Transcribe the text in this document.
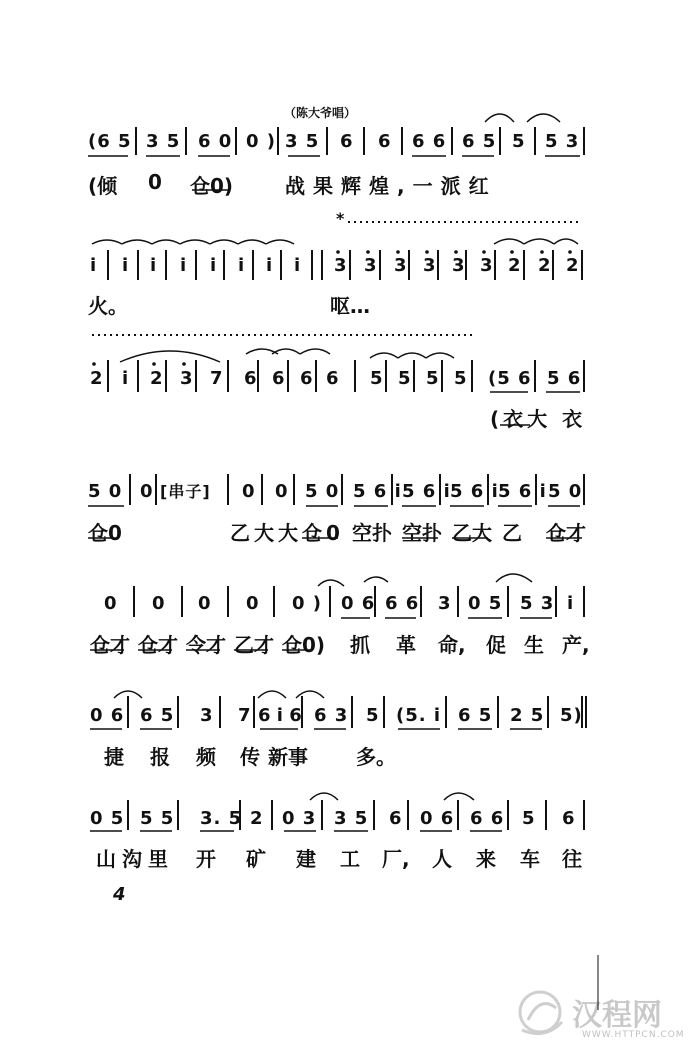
（陈大爷唱）
(6 5 3 5 6 0 0 ) 3 5 6 6 6 6 6 5 5 5 3
(倾 0 仓0)	战果辉煌,一派红
*
i i i i i i i i 3 3 3 3 3 3 2 2 2
火。	呕…
2 i 2 3 7 6 6 6 6 5 5 5 5 (5 6 5 6
(衣大 衣
5 0 0 [串子] 0 0 5 0 5 6 i 5 6 i 5 6 i 5 6 i 5 0
仓0	乙大大仓0 空扑 空扑 乙大 乙 仓才
0 0 0 0 0 ) 0 6 6 6 3 0 5 5 3 i
仓才 仓才 令才 乙才 仓0) 抓 革 命, 促 生 产,
0 6 6 5 3 7 6 i 6 6 3 5 (5. i 6 5 2 5 5)
捷 报 频 传 新事 多。
0 5 5 5 3. 5 2 0 3 3 5 6 0 6 6 6 5 6
山沟里 开 矿 建 工 厂, 人 来 车 往
4
汉程网
WWW.HTTPCN.COM
